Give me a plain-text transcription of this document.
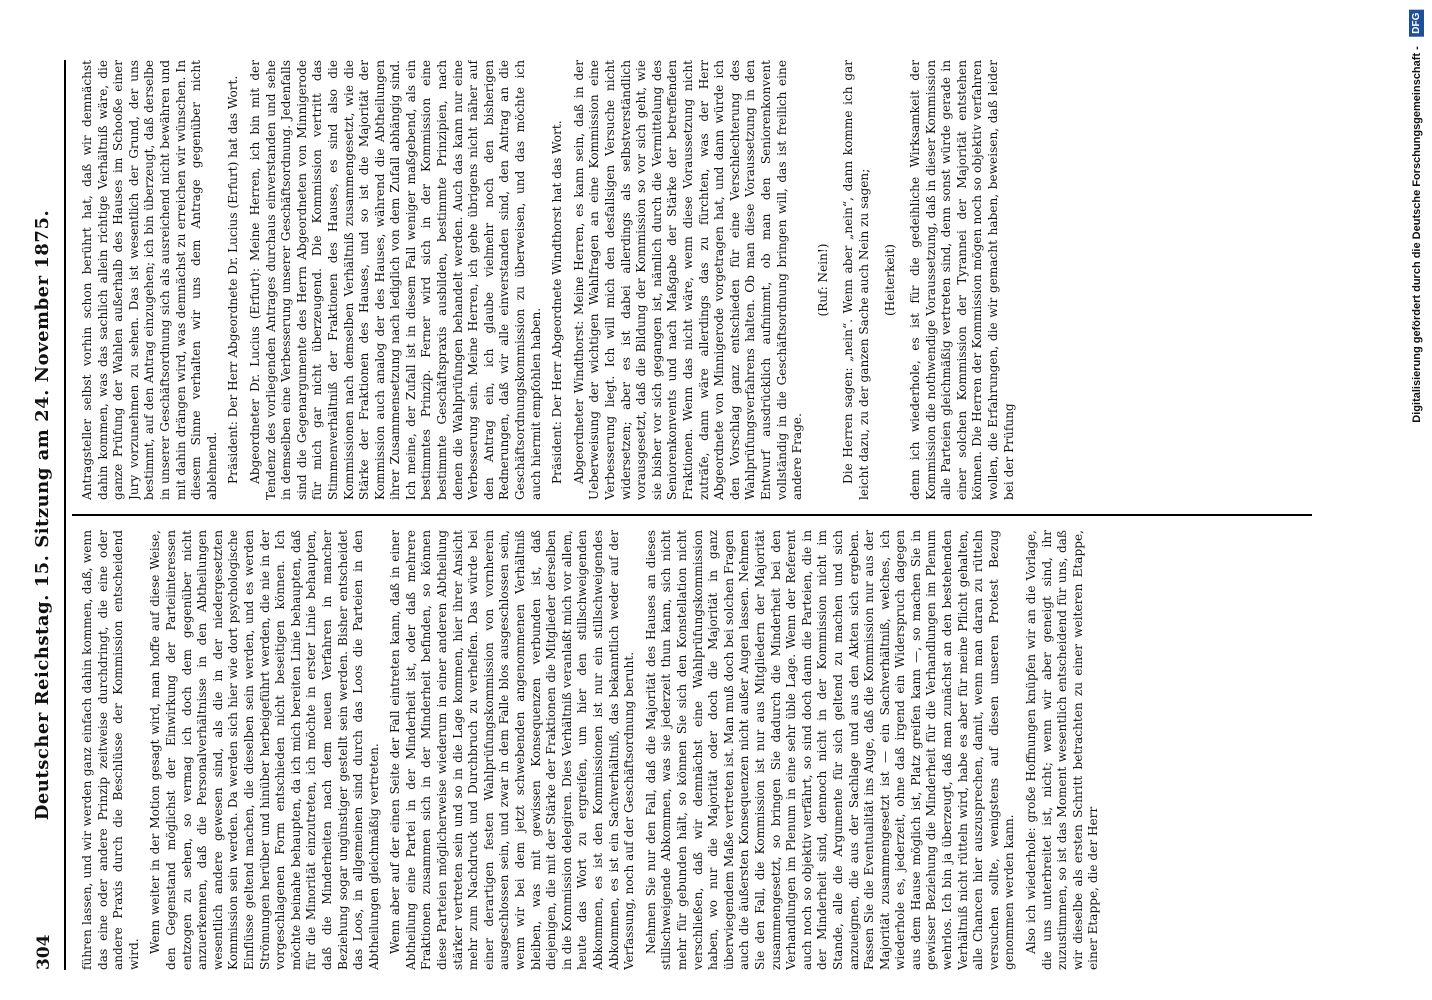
304
Deutscher Reichstag. 15. Sitzung am 24. November 1875. führen lassen, und wir werden ganz einfach dahin kommen, daß, wenn das eine oder andere Prinzip zeitweise durchdringt, die eine oder andere Praxis durch die Beschlüsse der Kommission entscheidend wird.

Wenn weiter in der Motion gesagt wird, man hoffe auf diese Weise, den Gegenstand möglichst der Einwirkung der Parteiinteressen entzogen zu sehen, so vermag ich doch dem gegenüber nicht anzuerkennen, daß die Personalverhältnisse in den Abtheilungen wesentlich andere gewesen sind, als die in der niedergesetzten Kommission sein werden. Da werden sich hier wie dort psychologische Einflüsse geltend machen, die dieselben sein werden, und es werden Strömungen herüber und hinüber herbeigeführt werden, die nie in der vorgeschlagenen Form entschieden nicht beseitigen können. Ich möchte beinahe behaupten, da ich mich bereiten Linie behaupten, daß für die Minorität einzutreten, ich möchte in erster Linie behaupten, daß die Minderheiten nach dem neuen Verfahren in mancher Beziehung sogar ungünstiger gestellt sein werden. Bisher entscheidet das Loos, in allgemeinen sind durch das Loos die Parteien in den Abtheilungen gleichmäßig vertreten. Wenn aber auf der einen Seite der Fall eintreten kann, daß in einer Abtheilung eine Partei in der Minderheit ist, oder daß mehrere Fraktionen zusammen sich in der Minderheit befinden, so können diese Parteien möglicherweise wiederum in einer anderen Abtheilung stärker vertreten sein und so in die Lage kommen, hier ihrer Ansicht mehr zum Nachdruck und Durchbruch zu verhelfen. Das würde bei einer derartigen festen Wahlprüfungskommission von vornherein ausgeschlossen sein, und zwar in dem Falle blos ausgeschlossen sein, wenn wir bei dem jetzt schwebenden angenommenen Verhältniß bleiben, was mit gewissen Konsequenzen verbunden ist, daß diejenigen, die mit der Stärke der Fraktionen die Mitglieder derselben in die Kommission delegiren. Dies Verhältniß veranlaßt mich vor allem, heute das Wort zu ergreifen, um hier den stillschweigenden Abkommen, es ist den Kommissionen ist nur ein stillschweigendes Abkommen, es ist ein Sachverhältniß, das bekanntlich weder auf der Verfassung, noch auf der Geschäftsordnung beruht. Nehmen Sie nur den Fall, daß die Majorität des Hauses an dieses stillschweigende Abkommen, was sie jederzeit thun kann, sich nicht mehr für gebunden hält, so können Sie sich den Konstellation nicht verschließen, daß wir demnächst eine Wahlprüfungskommission haben, wo nur die Majorität oder doch die Majorität in ganz überwiegendem Maße vertreten ist. Man muß doch bei solchen Fragen auch die äußersten Konsequenzen nicht außer Augen lassen. Nehmen Sie den Fall, die Kommission ist nur aus Mitgliedern der Majorität zusammengesetzt, so bringen Sie dadurch die Minderheit bei den Verhandlungen im Plenum in eine sehr üble Lage. Wenn der Referent auch noch so objektiv verfährt, so sind doch dann die Parteien, die in der Minderheit sind, dennoch nicht in der Kommission nicht im Stande, alle die Argumente für sich geltend zu machen und sich anzueignen, die aus der Sachlage und aus den Akten sich ergeben. Fassen Sie die Eventualität ins Auge, daß die Kommission nur aus der Majorität zusammengesetzt ist — ein Sachverhältniß, welches, ich wiederhole es, jederzeit, ohne daß irgend ein Widerspruch dagegen aus dem Hause möglich ist, Platz greifen kann —, so machen Sie in gewisser Beziehung die Minderheit für die Verhandlungen im Plenum wehrlos. Ich bin ja überzeugt, daß man zunächst an den bestehenden Verhältniß nicht rütteln wird, habe es aber für meine Pflicht gehalten, alle Chancen hier auszusprechen, damit, wenn man daran zu rütteln versuchen sollte, wenigstens auf diesen unseren Protest Bezug genommen werden kann. Also ich wiederhole: große Hoffnungen knüpfen wir an die Vorlage, die uns unterbreitet ist, nicht; wenn wir aber geneigt sind, ihr zuzustimmen, so ist das Moment wesentlich entscheidend für uns, daß wir dieselbe als ersten Schritt betrachten zu einer weiteren Etappe, einer Etappe, die der Herr

Antragsteller selbst vorhin schon berührt hat, daß wir demnächst dahin kommen, was das sachlich allein richtige Verhältniß wäre, die ganze Prüfung der Wahlen außerhalb des Hauses im Schooße einer Jury vorzunehmen zu sehen. Das ist wesentlich der Grund, der uns bestimmt, auf den Antrag einzugehen; ich bin überzeugt, daß derselbe in unserer Geschäftsordnung sich als ausreichend nicht bewähren und mit dahin drängen wird, was demnächst zu erreichen wir wünschen. In diesem Sinne verhalten wir uns dem Antrage gegenüber nicht ablehnend. Präsident: Der Herr Abgeordnete Dr. Lucius (Erfurt) hat das Wort. Abgeordneter Dr. Lucius (Erfurt): Meine Herren, ich bin mit der Tendenz des vorliegenden Antrages durchaus einverstanden und sehe in demselben eine Verbesserung unserer Geschäftsordnung. Jedenfalls sind die Gegenargumente des Herrn Abgeordneten von Minnigerode für mich gar nicht überzeugend. Die Kommission vertritt das Stimmenverhältniß der Fraktionen des Hauses, es sind also die Kommissionen nach demselben Verhältniß zusammengesetzt, wie die Stärke der Fraktionen des Hauses, und so ist die Majorität der Kommission auch analog der des Hauses, während die Abtheilungen ihrer Zusammensetzung nach lediglich von dem Zufall abhängig sind. Ich meine, der Zufall ist in diesem Fall weniger maßgebend, als ein bestimmtes Prinzip. Ferner wird sich in der Kommission eine bestimmte Geschäftspraxis ausbilden, bestimmte Prinzipien, nach denen die Wahlprüfungen behandelt werden. Auch das kann nur eine Verbesserung sein. Meine Herren, ich gehe übrigens nicht näher auf den Antrag ein, ich glaube vielmehr noch den bisherigen Rednerungen, daß wir alle einverstanden sind, den Antrag an die Geschäftsordnungskommission zu überweisen, und das möchte ich auch hiermit empfohlen haben. Präsident: Der Herr Abgeordnete Windthorst hat das Wort. Abgeordneter Windthorst: Meine Herren, es kann sein, daß in der Ueberweisung der wichtigen Wahlfragen an eine Kommission eine Verbesserung liegt. Ich will mich den desfallsigen Versuche nicht widersetzen; aber es ist dabei allerdings als selbstverständlich vorausgesetzt, daß die Bildung der Kommission so vor sich geht, wie sie bisher vor sich gegangen ist, nämlich durch die Vermittelung des Seniorenkonvents und nach Maßgabe der Stärke der betreffenden Fraktionen. Wenn das nicht wäre, wenn diese Voraussetzung nicht zuträfe, dann wäre allerdings das zu fürchten, was der Herr Abgeordnete von Minnigerode vorgetragen hat, und dann würde ich den Vorschlag ganz entschieden für eine Verschlechterung des Wahlprüfungsverfahrens halten. Ob man diese Voraussetzung in den Entwurf ausdrücklich aufnimmt, ob man den Seniorenkonvent vollständig in die Geschäftsordnung bringen will, das ist freilich eine andere Frage.

(Ruf: Nein!) Die Herren sagen: „nein“. Wenn aber „nein“, dann komme ich gar leicht dazu, zu der ganzen Sache auch Nein zu sagen; (Heiterkeit) denn ich wiederhole, es ist für die gedeihliche Wirksamkeit der Kommission die nothwendige Voraussetzung, daß in dieser Kommission alle Parteien gleichmäßig vertreten sind, denn sonst würde gerade in einer solchen Kommission der Tyrannei der Majorität entstehen können. Die Herren der Kommission mögen noch so objektiv verfahren wollen, die Erfahrungen, die wir gemacht haben, beweisen, daß leider bei der Prüfung

Digitalisierung gefördert durch die Deutsche Forschungsgemeinschaft - DFG
